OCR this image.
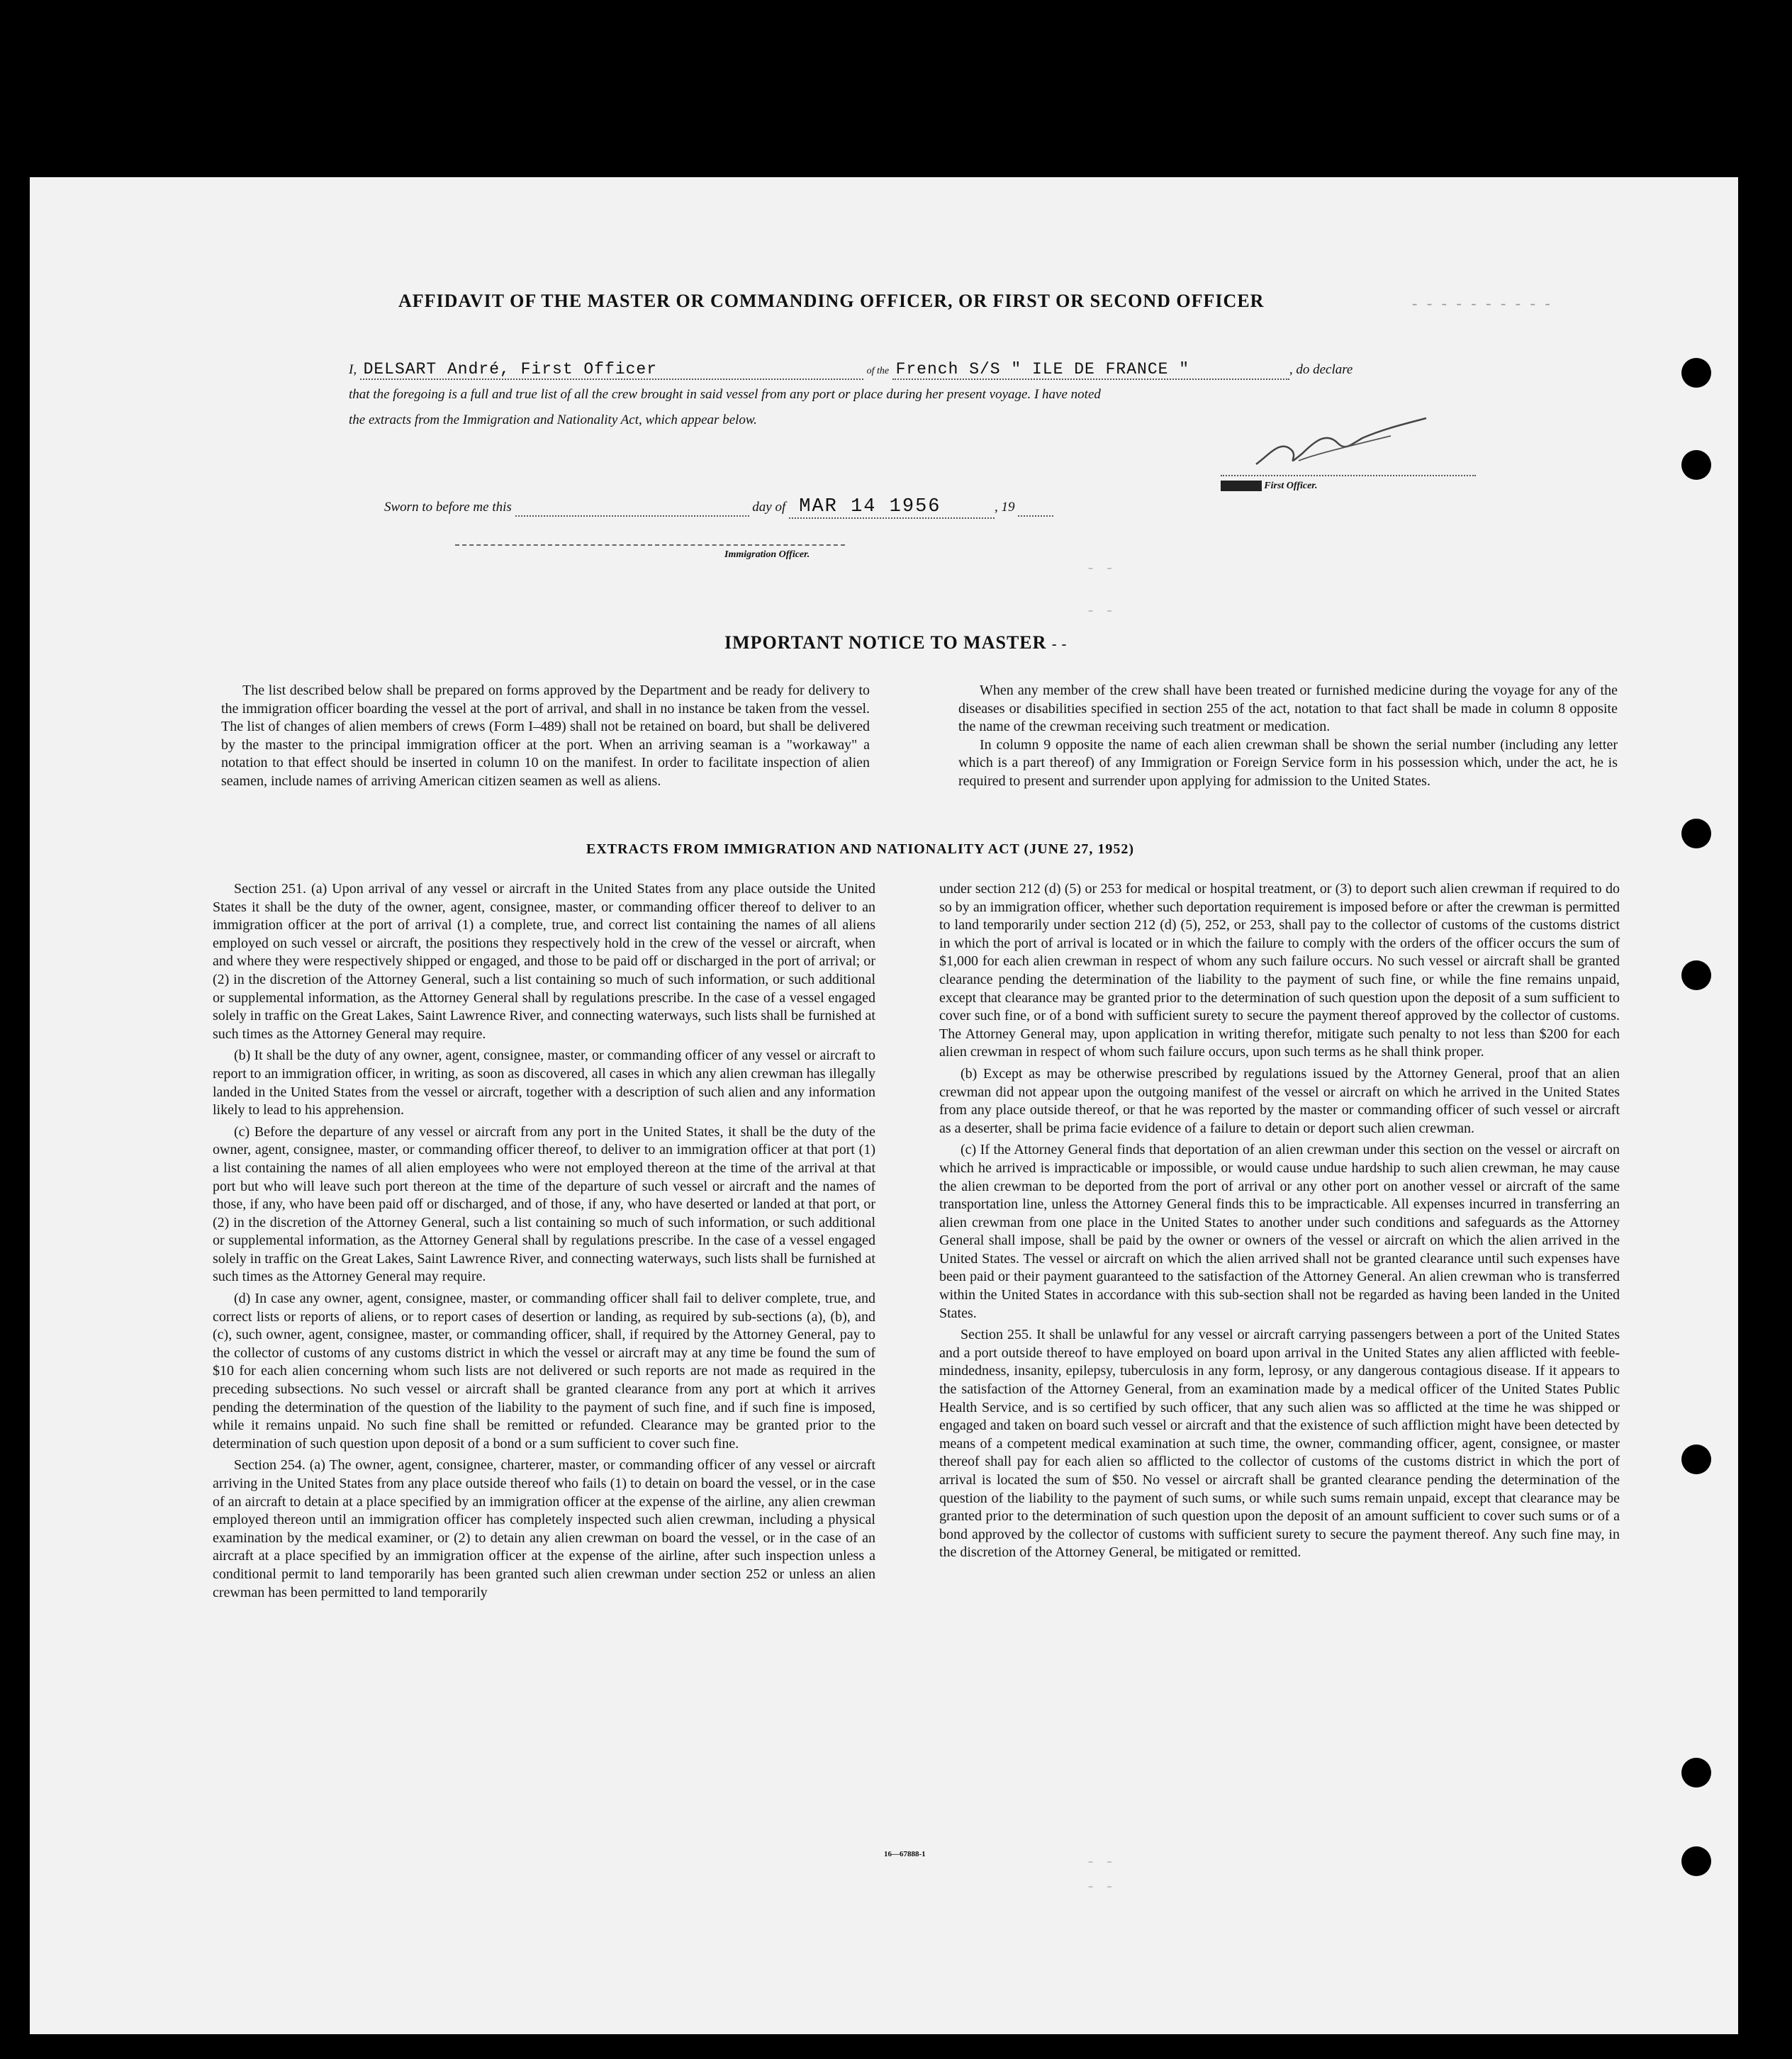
AFFIDAVIT OF THE MASTER OR COMMANDING OFFICER, OR FIRST OR SECOND OFFICER	- - - - - - - - - -
I, DELSART André, First Officer	of the French S/S " ILE DE FRANCE "	, do declare
that the foregoing is a full and true list of all the crew brought in said vessel from any port or place during her present voyage. I have noted
the extracts from the Immigration and Nationality Act, which appear below.
MMMM First Officer.
Sworn to before me this	day of MAR 14 1956	, 19
Immigration Officer.
- -
- -
- -
- -
IMPORTANT NOTICE TO MASTER - -

The list described below shall be prepared on forms approved by the Department and be ready for delivery to the immigration officer boarding the vessel at the port of arrival, and shall in no instance be taken from the vessel. The list of changes of alien members of crews (Form I–489) shall not be retained on board, but shall be delivered by the master to the principal immigration officer at the port. When an arriving seaman is a "workaway" a notation to that effect should be inserted in column 10 on the manifest. In order to facilitate inspection of alien seamen, include names of arriving American citizen seamen as well as aliens.

When any member of the crew shall have been treated or furnished medicine during the voyage for any of the diseases or disabilities specified in section 255 of the act, notation to that fact shall be made in column 8 opposite the name of the crewman receiving such treatment or medication.

In column 9 opposite the name of each alien crewman shall be shown the serial number (including any letter which is a part thereof) of any Immigration or Foreign Service form in his possession which, under the act, he is required to present and surrender upon applying for admission to the United States.

EXTRACTS FROM IMMIGRATION AND NATIONALITY ACT (JUNE 27, 1952)

Section 251. (a) Upon arrival of any vessel or aircraft in the United States from any place outside the United States it shall be the duty of the owner, agent, consignee, master, or commanding officer thereof to deliver to an immigration officer at the port of arrival (1) a complete, true, and correct list containing the names of all aliens employed on such vessel or aircraft, the positions they respectively hold in the crew of the vessel or aircraft, when and where they were respectively shipped or engaged, and those to be paid off or discharged in the port of arrival; or (2) in the discretion of the Attorney General, such a list containing so much of such information, or such additional or supplemental information, as the Attorney General shall by regulations prescribe. In the case of a vessel engaged solely in traffic on the Great Lakes, Saint Lawrence River, and connecting waterways, such lists shall be furnished at such times as the Attorney General may require.

(b) It shall be the duty of any owner, agent, consignee, master, or commanding officer of any vessel or aircraft to report to an immigration officer, in writing, as soon as discovered, all cases in which any alien crewman has illegally landed in the United States from the vessel or aircraft, together with a description of such alien and any information likely to lead to his apprehension.

(c) Before the departure of any vessel or aircraft from any port in the United States, it shall be the duty of the owner, agent, consignee, master, or commanding officer thereof, to deliver to an immigration officer at that port (1) a list containing the names of all alien employees who were not employed thereon at the time of the arrival at that port but who will leave such port thereon at the time of the departure of such vessel or aircraft and the names of those, if any, who have been paid off or discharged, and of those, if any, who have deserted or landed at that port, or (2) in the discretion of the Attorney General, such a list containing so much of such information, or such additional or supplemental information, as the Attorney General shall by regulations prescribe. In the case of a vessel engaged solely in traffic on the Great Lakes, Saint Lawrence River, and connecting waterways, such lists shall be furnished at such times as the Attorney General may require.

(d) In case any owner, agent, consignee, master, or commanding officer shall fail to deliver complete, true, and correct lists or reports of aliens, or to report cases of desertion or landing, as required by sub-sections (a), (b), and (c), such owner, agent, consignee, master, or commanding officer, shall, if required by the Attorney General, pay to the collector of customs of any customs district in which the vessel or aircraft may at any time be found the sum of $10 for each alien concerning whom such lists are not delivered or such reports are not made as required in the preceding subsections. No such vessel or aircraft shall be granted clearance from any port at which it arrives pending the determination of the question of the liability to the payment of such fine, and if such fine is imposed, while it remains unpaid. No such fine shall be remitted or refunded. Clearance may be granted prior to the determination of such question upon deposit of a bond or a sum sufficient to cover such fine.

Section 254. (a) The owner, agent, consignee, charterer, master, or commanding officer of any vessel or aircraft arriving in the United States from any place outside thereof who fails (1) to detain on board the vessel, or in the case of an aircraft to detain at a place specified by an immigration officer at the expense of the airline, any alien crewman employed thereon until an immigration officer has completely inspected such alien crewman, including a physical examination by the medical examiner, or (2) to detain any alien crewman on board the vessel, or in the case of an aircraft at a place specified by an immigration officer at the expense of the airline, after such inspection unless a conditional permit to land temporarily has been granted such alien crewman under section 252 or unless an alien crewman has been permitted to land temporarily

under section 212 (d) (5) or 253 for medical or hospital treatment, or (3) to deport such alien crewman if required to do so by an immigration officer, whether such deportation requirement is imposed before or after the crewman is permitted to land temporarily under section 212 (d) (5), 252, or 253, shall pay to the collector of customs of the customs district in which the port of arrival is located or in which the failure to comply with the orders of the officer occurs the sum of $1,000 for each alien crewman in respect of whom any such failure occurs. No such vessel or aircraft shall be granted clearance pending the determination of the liability to the payment of such fine, or while the fine remains unpaid, except that clearance may be granted prior to the determination of such question upon the deposit of a sum sufficient to cover such fine, or of a bond with sufficient surety to secure the payment thereof approved by the collector of customs. The Attorney General may, upon application in writing therefor, mitigate such penalty to not less than $200 for each alien crewman in respect of whom such failure occurs, upon such terms as he shall think proper.

(b) Except as may be otherwise prescribed by regulations issued by the Attorney General, proof that an alien crewman did not appear upon the outgoing manifest of the vessel or aircraft on which he arrived in the United States from any place outside thereof, or that he was reported by the master or commanding officer of such vessel or aircraft as a deserter, shall be prima facie evidence of a failure to detain or deport such alien crewman.

(c) If the Attorney General finds that deportation of an alien crewman under this section on the vessel or aircraft on which he arrived is impracticable or impossible, or would cause undue hardship to such alien crewman, he may cause the alien crewman to be deported from the port of arrival or any other port on another vessel or aircraft of the same transportation line, unless the Attorney General finds this to be impracticable. All expenses incurred in transferring an alien crewman from one place in the United States to another under such conditions and safeguards as the Attorney General shall impose, shall be paid by the owner or owners of the vessel or aircraft on which the alien arrived in the United States. The vessel or aircraft on which the alien arrived shall not be granted clearance until such expenses have been paid or their payment guaranteed to the satisfaction of the Attorney General. An alien crewman who is transferred within the United States in accordance with this sub-section shall not be regarded as having been landed in the United States.

Section 255. It shall be unlawful for any vessel or aircraft carrying passengers between a port of the United States and a port outside thereof to have employed on board upon arrival in the United States any alien afflicted with feeble-mindedness, insanity, epilepsy, tuberculosis in any form, leprosy, or any dangerous contagious disease. If it appears to the satisfaction of the Attorney General, from an examination made by a medical officer of the United States Public Health Service, and is so certified by such officer, that any such alien was so afflicted at the time he was shipped or engaged and taken on board such vessel or aircraft and that the existence of such affliction might have been detected by means of a competent medical examination at such time, the owner, commanding officer, agent, consignee, or master thereof shall pay for each alien so afflicted to the collector of customs of the customs district in which the port of arrival is located the sum of $50. No vessel or aircraft shall be granted clearance pending the determination of the question of the liability to the payment of such sums, or while such sums remain unpaid, except that clearance may be granted prior to the determination of such question upon the deposit of an amount sufficient to cover such sums or of a bond approved by the collector of customs with sufficient surety to secure the payment thereof. Any such fine may, in the discretion of the Attorney General, be mitigated or remitted.

16—67888-1
